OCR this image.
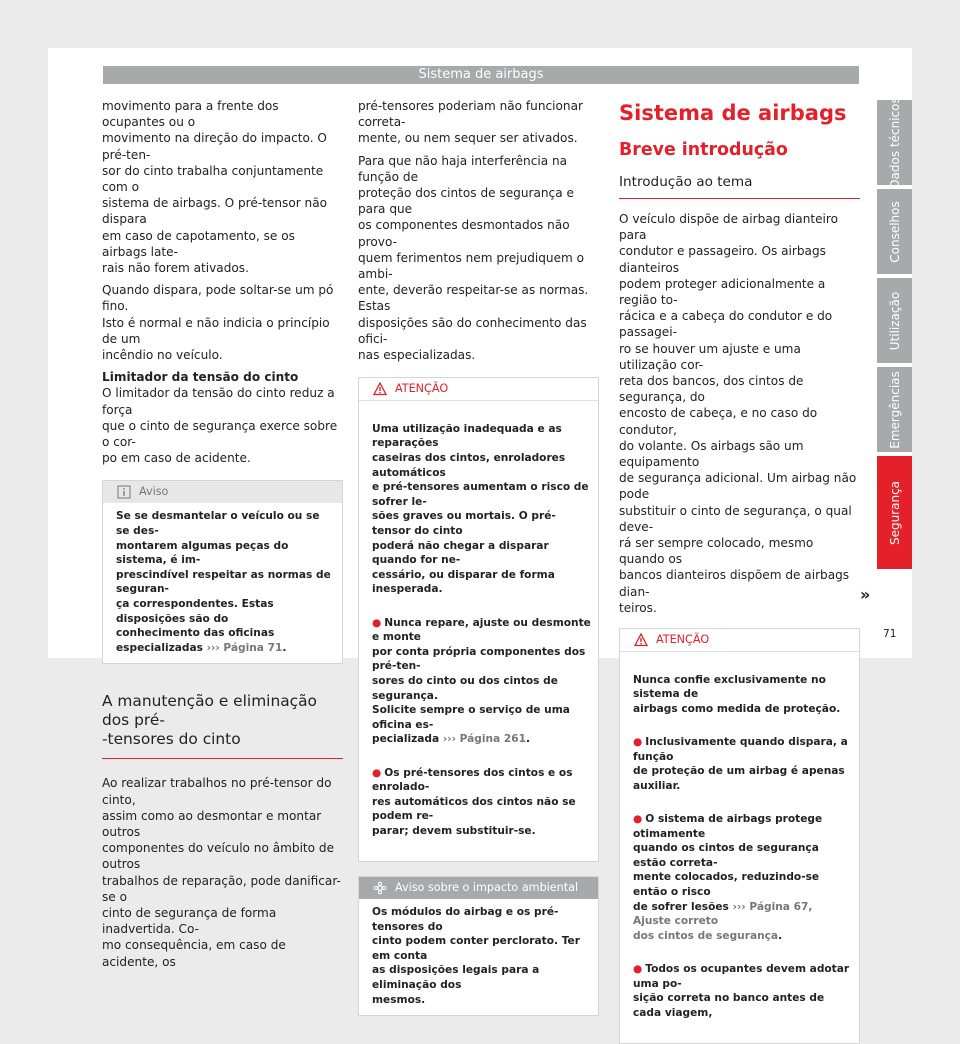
Sistema de airbags

movimento para a frente dos ocupantes ou o
movimento na direção do impacto. O pré-ten-
sor do cinto trabalha conjuntamente com o
sistema de airbags. O pré-tensor não dispara
em caso de capotamento, se os airbags late-
rais não forem ativados.

Quando dispara, pode soltar-se um pó fino.
Isto é normal e não indicia o princípio de um
incêndio no veículo.

Limitador da tensão do cinto

O limitador da tensão do cinto reduz a força
que o cinto de segurança exerce sobre o cor-
po em caso de acidente.

Aviso
Se se desmantelar o veículo ou se se des-
montarem algumas peças do sistema, é im-
prescindível respeitar as normas de seguran-
ça correspondentes. Estas disposições são do
conhecimento das oficinas especializadas ››› Página 71.
A manutenção e eliminação dos pré-
-tensores do cinto

Ao realizar trabalhos no pré-tensor do cinto,
assim como ao desmontar e montar outros
componentes do veículo no âmbito de outros
trabalhos de reparação, pode danificar-se o
cinto de segurança de forma inadvertida. Co-
mo consequência, em caso de acidente, os

pré-tensores poderiam não funcionar correta-
mente, ou nem sequer ser ativados.

Para que não haja interferência na função de
proteção dos cintos de segurança e para que
os componentes desmontados não provo-
quem ferimentos nem prejudiquem o ambi-
ente, deverão respeitar-se as normas. Estas
disposições são do conhecimento das ofici-
nas especializadas.

ATENÇÃO

Uma utilização inadequada e as reparações
caseiras dos cintos, enroladores automáticos
e pré-tensores aumentam o risco de sofrer le-
sões graves ou mortais. O pré-tensor do cinto
poderá não chegar a disparar quando for ne-
cessário, ou disparar de forma inesperada.

● Nunca repare, ajuste ou desmonte e monte
por conta própria componentes dos pré-ten-
sores do cinto ou dos cintos de segurança.
Solicite sempre o serviço de uma oficina es-
pecializada ››› Página 261.

● Os pré-tensores dos cintos e os enrolado-
res automáticos dos cintos não se podem re-
parar; devem substituir-se.

Aviso sobre o impacto ambiental
Os módulos do airbag e os pré-tensores do
cinto podem conter perclorato. Ter em conta
as disposições legais para a eliminação dos
mesmos.

Sistema de airbags

Breve introdução

Introdução ao tema

O veículo dispõe de airbag dianteiro para
condutor e passageiro. Os airbags dianteiros
podem proteger adicionalmente a região to-
rácica e a cabeça do condutor e do passagei-
ro se houver um ajuste e uma utilização cor-
reta dos bancos, dos cintos de segurança, do
encosto de cabeça, e no caso do condutor,
do volante. Os airbags são um equipamento
de segurança adicional. Um airbag não pode
substituir o cinto de segurança, o qual deve-
rá ser sempre colocado, mesmo quando os
bancos dianteiros dispõem de airbags dian-
teiros.

ATENÇÃO

Nunca confie exclusivamente no sistema de
airbags como medida de proteção.

● Inclusivamente quando dispara, a função
de proteção de um airbag é apenas auxiliar.

● O sistema de airbags protege otimamente
quando os cintos de segurança estão correta-
mente colocados, reduzindo-se então o risco
de sofrer lesões ››› Página 67, Ajuste correto
dos cintos de segurança.

● Todos os ocupantes devem adotar uma po-
sição correta no banco antes de cada viagem,

»
Dados técnicos
Conselhos
Utilização
Emergências
Segurança
71
